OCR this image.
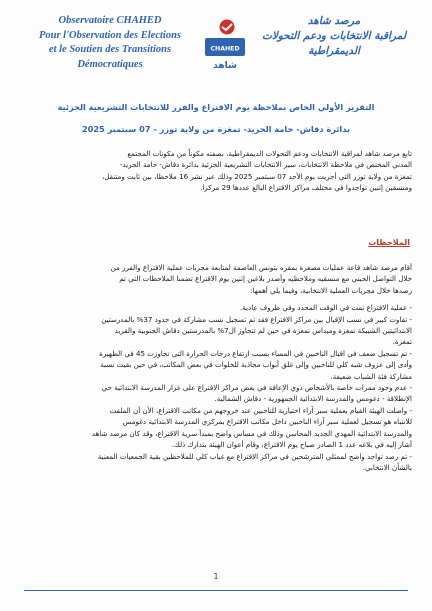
Observatoire CHAHED
Pour l'Observation des Elections
et le Soutien des Transitions
Démocratiques
CHAHED
شاهد
مرصد شاهد
لمراقبة الانتخابات ودعم التحولات
الديمقراطية
التقرير الأولي الخاص بملاحظة يوم الاقتراع والفرز للانتخابات التشريعية الجزئية
بدائرة دقاش- حامة الجريد- تمغزة من ولاية توزر - 07 سبتمبر 2025
تابع مرصد شاهد لمراقبة الانتخابات ودعم التحولات الديمقراطية، بصفته مكوناً من مكونات المجتمع
المدني المختص في ملاحظة الانتخابات، سير الانتخابات التشريعية الجزئية بدائرة دقاش- حامة الجريد-
تمغزة من ولاية توزر التي أجريت يوم الأحد 07 سبتمبر 2025 وذلك عبر نشر 16 ملاحظا، بين ثابت ومتنقل،
ومنسقين إثنين تواجدوا في مختلف مراكز الاقتراع البالغ عددها 29 مركزا.
الملاحظات
أقام مرصد شاهد قاعة عمليات مصغرة بمقره بتونس العاصمة لمتابعة مجريات عملية الاقتراع والفرز من
خلال التواصل الحيني مع منسقيه وملاحظيه وأصدر بلاغين إثنين يوم الاقتراع تضمنا الملاحظات التي تم
رصدها خلال مجريات العملية الانتخابية، وفيما يلي أهمها:
- عملية الاقتراع تمت في الوقت المحدد وفي ظروف عادية.
- تفاوت كبير في نسب الإقبال بين مراكز الاقتراع فقد تم تسجيل نسب مشاركة في حدود 37% بالمدرستين
الابتدائيتين الشبيكة تمغزة وميداس تمغزة في حين لم تتجاوز ال7% بالمدرستين دقاش الجنوبية والفريد
تمغزة.
- تم تسجيل ضعف في اقبال الناخبين في المساء بسبب ارتفاع درجات الحرارة التي تجاوزت 45 في الظهيرة
وأدى إلى عزوف شبه كلي للناخبين وإلى غلق أبواب محاذية للخلوات في بعض المكاتب، في حين بقيت نسبة
مشاركة فئة الشباب ضعيفة.
- عدم وجود ممرات خاصة بالأشخاص ذوي الإعاقة في بعض مراكز الاقتراع على غرار المدرسة الابتدائية حي
الإنطلاقة - دغومس والمدرسة الابتدائية الجمهورية - دقاش الشمالية.
- واصلت الهيئة القيام بعملية سبر آراء اختيارية للناخبين عند خروجهم من مكاتب الاقتراع، الأن أن الملفت
للانتباه هو تسجيل لعملية سبر آراء الناخبين داخل مكاتب الاقتراع بمركزي المدرسة الابتدائية دغومس
والمدرسة الابتدائية المهدي الجديد المحاسن وذلك في مساس واضح بمبدأ سرية الاقتراع، وقد كان مرصد شاهد
أشار إليه في بلاغه عدد 1 الصادر صباح يوم الاقتراع، وقام أعوان الهيئة بتدارك ذلك.
- تم رصد تواجد واضح لممثلي المترشحين في مراكز الاقتراع مع غياب كلي للملاحظين بقية الجمعيات المعنية
بالشأن الانتخابي.
1
